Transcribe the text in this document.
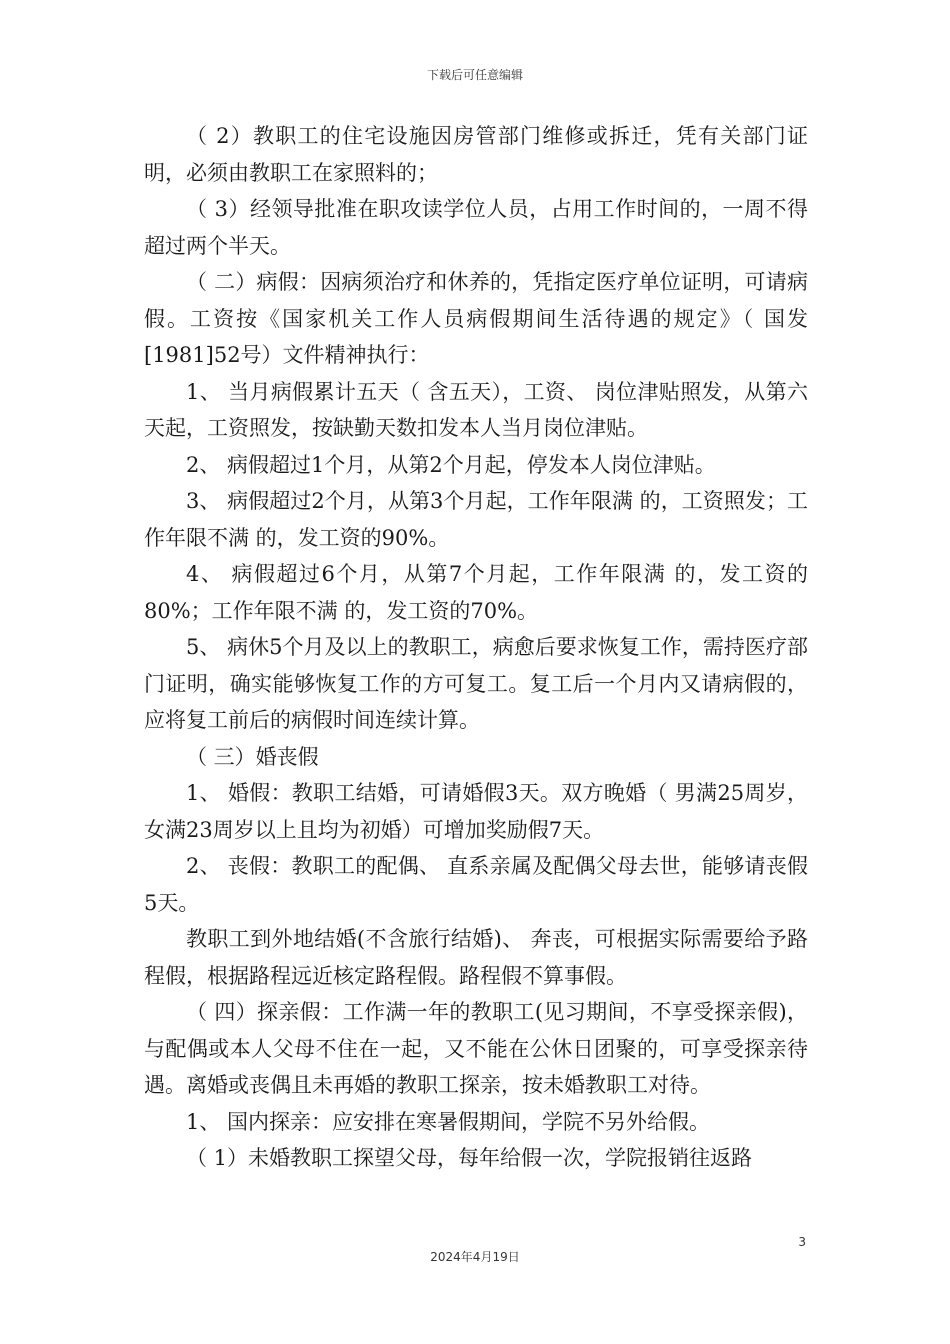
下载后可任意编辑

（ 2）教职工的住宅设施因房管部门维修或拆迁，凭有关部门证明，必须由教职工在家照料的；

（ 3）经领导批准在职攻读学位人员，占用工作时间的，一周不得超过两个半天。

（ 二）病假：因病须治疗和休养的，凭指定医疗单位证明，可请病假。工资按《国家机关工作人员病假期间生活待遇的规定》（ 国发[1981]52号）文件精神执行：

1、 当月病假累计五天（ 含五天），工资、 岗位津贴照发，从第六天起，工资照发，按缺勤天数扣发本人当月岗位津贴。

2、 病假超过1个月，从第2个月起，停发本人岗位津贴。

3、 病假超过2个月，从第3个月起，工作年限满 的，工资照发；工作年限不满 的，发工资的90%。

4、 病假超过6个月，从第7个月起，工作年限满 的，发工资的80%；工作年限不满 的，发工资的70%。

5、 病休5个月及以上的教职工，病愈后要求恢复工作，需持医疗部门证明，确实能够恢复工作的方可复工。复工后一个月内又请病假的，应将复工前后的病假时间连续计算。

（ 三）婚丧假

1、 婚假：教职工结婚，可请婚假3天。双方晚婚（ 男满25周岁，女满23周岁以上且均为初婚）可增加奖励假7天。

2、 丧假：教职工的配偶、 直系亲属及配偶父母去世，能够请丧假5天。

教职工到外地结婚(不含旅行结婚)、 奔丧，可根据实际需要给予路程假，根据路程远近核定路程假。路程假不算事假。

（ 四）探亲假：工作满一年的教职工(见习期间，不享受探亲假)，与配偶或本人父母不住在一起，又不能在公休日团聚的，可享受探亲待遇。离婚或丧偶且未再婚的教职工探亲，按未婚教职工对待。

1、 国内探亲：应安排在寒暑假期间，学院不另外给假。

（ 1）未婚教职工探望父母，每年给假一次，学院报销往返路

3
2024年4月19日
